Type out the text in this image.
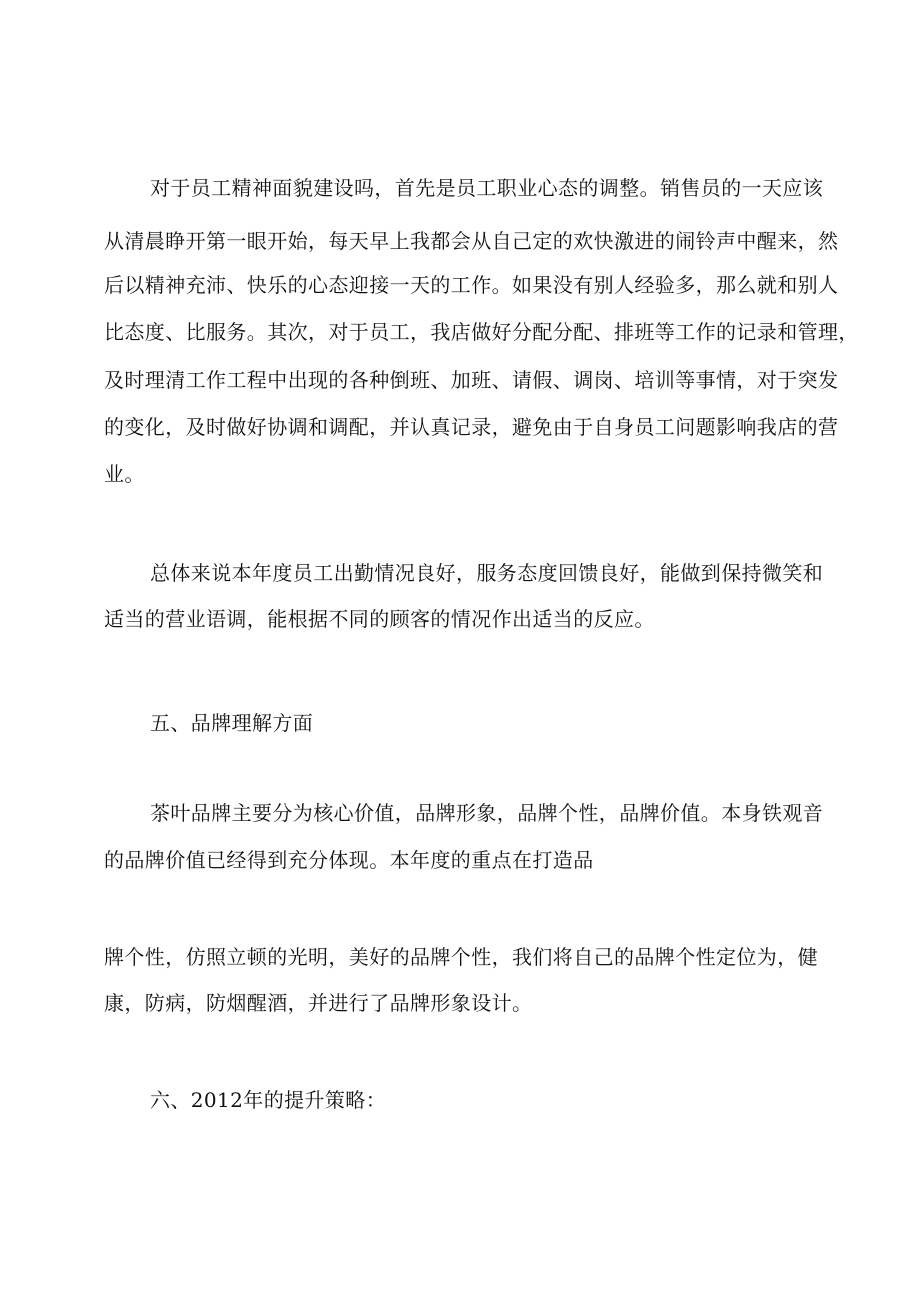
对于员工精神面貌建设吗，首先是员工职业心态的调整。销售员的一天应该
从清晨睁开第一眼开始，每天早上我都会从自己定的欢快激进的闹铃声中醒来，然
后以精神充沛、快乐的心态迎接一天的工作。如果没有别人经验多，那么就和别人
比态度、比服务。其次，对于员工，我店做好分配分配、排班等工作的记录和管理，
及时理清工作工程中出现的各种倒班、加班、请假、调岗、培训等事情，对于突发
的变化，及时做好协调和调配，并认真记录，避免由于自身员工问题影响我店的营
业。
总体来说本年度员工出勤情况良好，服务态度回馈良好，能做到保持微笑和
适当的营业语调，能根据不同的顾客的情况作出适当的反应。
五、品牌理解方面
茶叶品牌主要分为核心价值，品牌形象，品牌个性，品牌价值。本身铁观音
的品牌价值已经得到充分体现。本年度的重点在打造品
牌个性，仿照立顿的光明，美好的品牌个性，我们将自己的品牌个性定位为，健
康，防病，防烟醒酒，并进行了品牌形象设计。
六、2012年的提升策略：
